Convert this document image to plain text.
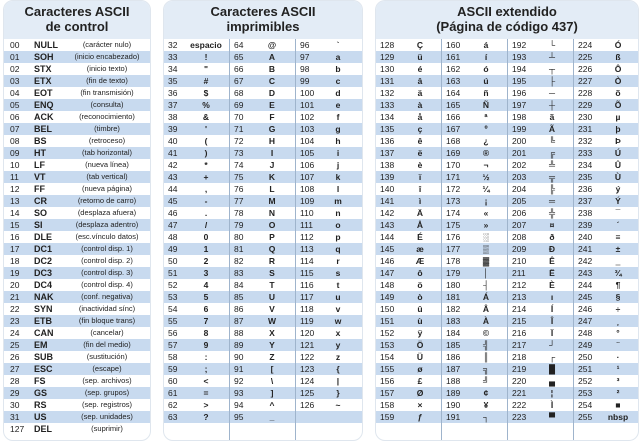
Caracteres ASCII
de control
00	NULL	(carácter nulo)
01	SOH	(inicio encabezado)
02	STX	(inicio texto)
03	ETX	(fin de texto)
04	EOT	(fin transmisión)
05	ENQ	(consulta)
06	ACK	(reconocimiento)
07	BEL	(timbre)
08	BS	(retroceso)
09	HT	(tab horizontal)
10	LF	(nueva línea)
11	VT	(tab vertical)
12	FF	(nueva página)
13	CR	(retorno de carro)
14	SO	(desplaza afuera)
15	SI	(desplaza adentro)
16	DLE	(esc.vínculo datos)
17	DC1	(control disp. 1)
18	DC2	(control disp. 2)
19	DC3	(control disp. 3)
20	DC4	(control disp. 4)
21	NAK	(conf. negativa)
22	SYN	(inactividad sínc)
23	ETB	(fin bloque trans)
24	CAN	(cancelar)
25	EM	(fin del medio)
26	SUB	(sustitución)
27	ESC	(escape)
28	FS	(sep. archivos)
29	GS	(sep. grupos)
30	RS	(sep. registros)
31	US	(sep. unidades)
127	DEL	(suprimir)
Caracteres ASCII
imprimibles
32	espacio	64	@	96	`
33	!	65	A	97	a
34	"	66	B	98	b
35	#	67	C	99	c
36	$	68	D	100	d
37	%	69	E	101	e
38	&	70	F	102	f
39	'	71	G	103	g
40	(	72	H	104	h
41	)	73	I	105	i
42	*	74	J	106	j
43	+	75	K	107	k
44	,	76	L	108	l
45	-	77	M	109	m
46	.	78	N	110	n
47	/	79	O	111	o
48	0	80	P	112	p
49	1	81	Q	113	q
50	2	82	R	114	r
51	3	83	S	115	s
52	4	84	T	116	t
53	5	85	U	117	u
54	6	86	V	118	v
55	7	87	W	119	w
56	8	88	X	120	x
57	9	89	Y	121	y
58	:	90	Z	122	z
59	;	91	[	123	{
60	<	92	\	124	|
61	=	93	]	125	}
62	>	94	^	126	~
63	?	95	_
ASCII extendido
(Página de código 437)
128	Ç	160	á	192	└	224	Ó
129	ü	161	í	193	┴	225	ß
130	é	162	ó	194	┬	226	Ô
131	â	163	ú	195	├	227	Ò
132	ä	164	ñ	196	─	228	õ
133	à	165	Ñ	197	┼	229	Õ
134	å	166	ª	198	ã	230	µ
135	ç	167	º	199	Ã	231	þ
136	ê	168	¿	200	╚	232	Þ
137	ë	169	®	201	╔	233	Ú
138	è	170	¬	202	╩	234	Û
139	ï	171	½	203	╦	235	Ù
140	î	172	¼	204	╠	236	ý
141	ì	173	¡	205	═	237	Ý
142	Ä	174	«	206	╬	238	¯
143	Å	175	»	207	¤	239	´
144	É	176	░	208	ð	240	≡
145	æ	177	▒	209	Ð	241	±
146	Æ	178	▓	210	Ê	242	‗
147	ô	179	│	211	Ë	243	¾
148	ö	180	┤	212	È	244	¶
149	ò	181	Á	213	ı	245	§
150	û	182	Â	214	Í	246	÷
151	ù	183	À	215	Î	247	¸
152	ÿ	184	©	216	Ï	248	°
153	Ö	185	╣	217	┘	249	¨
154	Ü	186	║	218	┌	250	·
155	ø	187	╗	219	█	251	¹
156	£	188	╝	220	▄	252	³
157	Ø	189	¢	221	¦	253	²
158	×	190	¥	222	Ì	254	■
159	ƒ	191	┐	223	▀	255	nbsp
